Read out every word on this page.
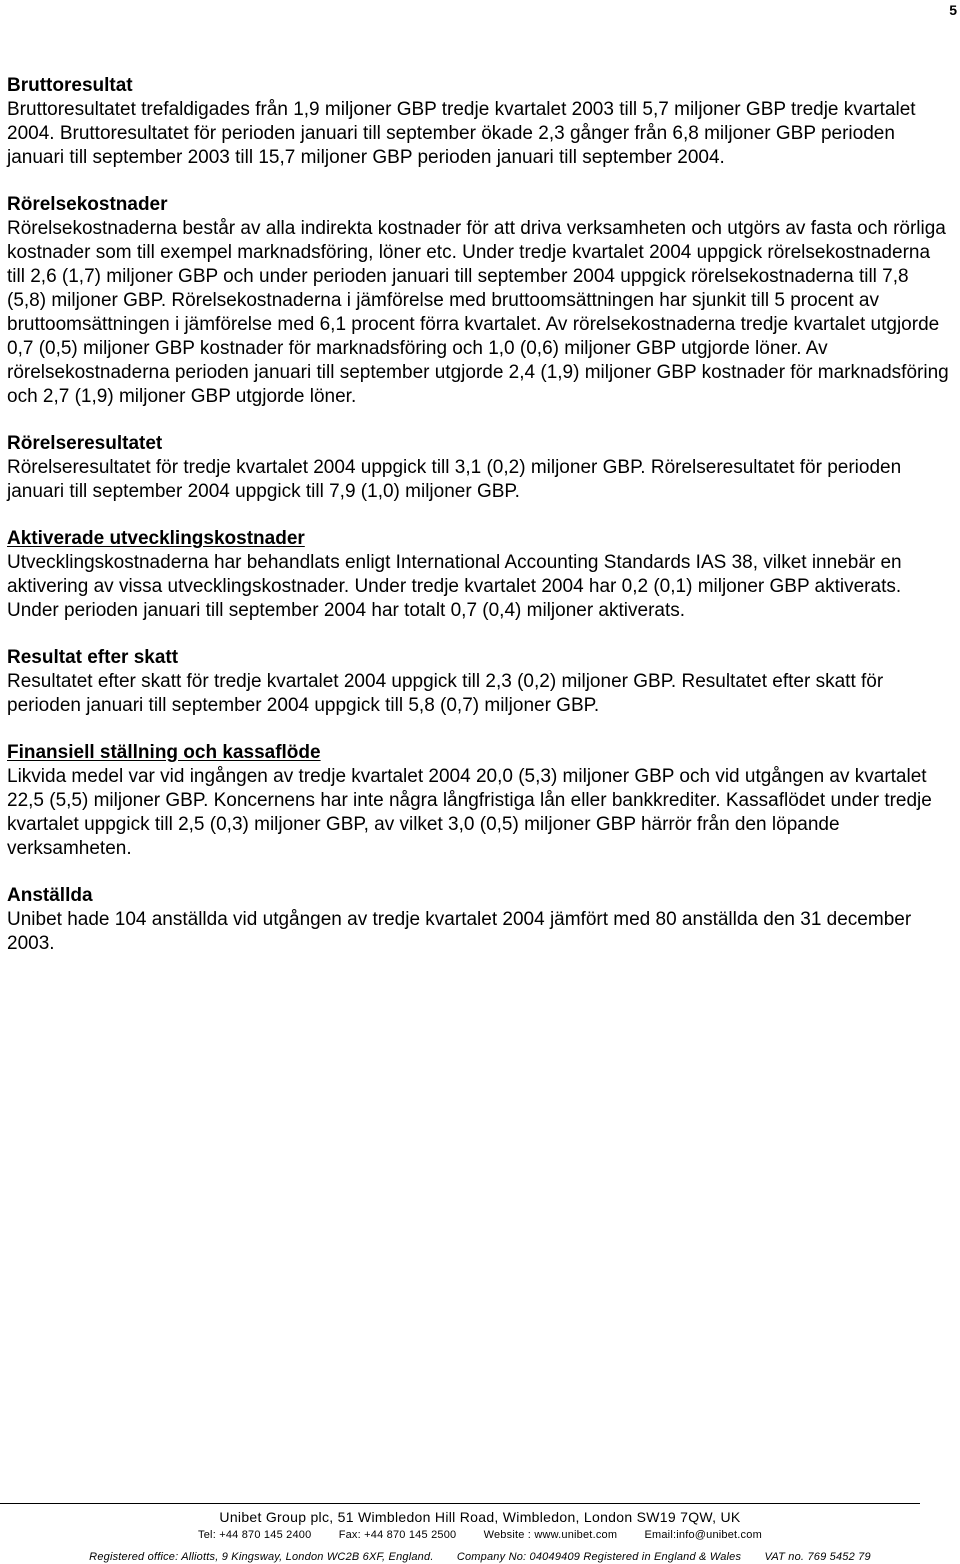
5

Bruttoresultat

Bruttoresultatet trefaldigades från 1,9 miljoner GBP tredje kvartalet 2003 till 5,7 miljoner GBP tredje kvartalet 2004. Bruttoresultatet för perioden januari till september ökade 2,3 gånger från 6,8 miljoner GBP perioden januari till september 2003 till 15,7 miljoner GBP perioden januari till september 2004.

Rörelsekostnader

Rörelsekostnaderna består av alla indirekta kostnader för att driva verksamheten och utgörs av fasta och rörliga kostnader som till exempel marknadsföring, löner etc. Under tredje kvartalet 2004 uppgick rörelsekostnaderna till 2,6 (1,7) miljoner GBP och under perioden januari till september 2004 uppgick rörelsekostnaderna till 7,8 (5,8) miljoner GBP. Rörelsekostnaderna i jämförelse med bruttoomsättningen har sjunkit till 5 procent av bruttoomsättningen i jämförelse med 6,1 procent förra kvartalet. Av rörelsekostnaderna tredje kvartalet utgjorde 0,7 (0,5) miljoner GBP kostnader för marknadsföring och 1,0 (0,6) miljoner GBP utgjorde löner. Av rörelsekostnaderna perioden januari till september utgjorde 2,4 (1,9) miljoner GBP kostnader för marknadsföring och 2,7 (1,9) miljoner GBP utgjorde löner.

Rörelseresultatet

Rörelseresultatet för tredje kvartalet 2004 uppgick till 3,1 (0,2) miljoner GBP. Rörelseresultatet för perioden januari till september 2004 uppgick till 7,9 (1,0) miljoner GBP.

Aktiverade utvecklingskostnader

Utvecklingskostnaderna har behandlats enligt International Accounting Standards IAS 38, vilket innebär en aktivering av vissa utvecklingskostnader. Under tredje kvartalet 2004 har 0,2 (0,1) miljoner GBP aktiverats. Under perioden januari till september 2004 har totalt 0,7 (0,4) miljoner aktiverats.

Resultat efter skatt

Resultatet efter skatt för tredje kvartalet 2004 uppgick till 2,3 (0,2) miljoner GBP. Resultatet efter skatt för perioden januari till september 2004 uppgick till 5,8 (0,7) miljoner GBP.

Finansiell ställning och kassaflöde

Likvida medel var vid ingången av tredje kvartalet 2004 20,0 (5,3) miljoner GBP och vid utgången av kvartalet 22,5 (5,5) miljoner GBP. Koncernens har inte några långfristiga lån eller bankkrediter. Kassaflödet under tredje kvartalet uppgick till 2,5 (0,3) miljoner GBP, av vilket 3,0 (0,5) miljoner GBP härrör från den löpande verksamheten.

Anställda

Unibet hade 104 anställda vid utgången av tredje kvartalet 2004 jämfört med 80 anställda den 31 december 2003.

Unibet Group plc, 51 Wimbledon Hill Road, Wimbledon, London SW19 7QW, UK
Tel: +44 870 145 2400 Fax: +44 870 145 2500 Website : www.unibet.com Email:info@unibet.com
Registered office: Alliotts, 9 Kingsway, London WC2B 6XF, England. Company No: 04049409 Registered in England & Wales VAT no. 769 5452 79
